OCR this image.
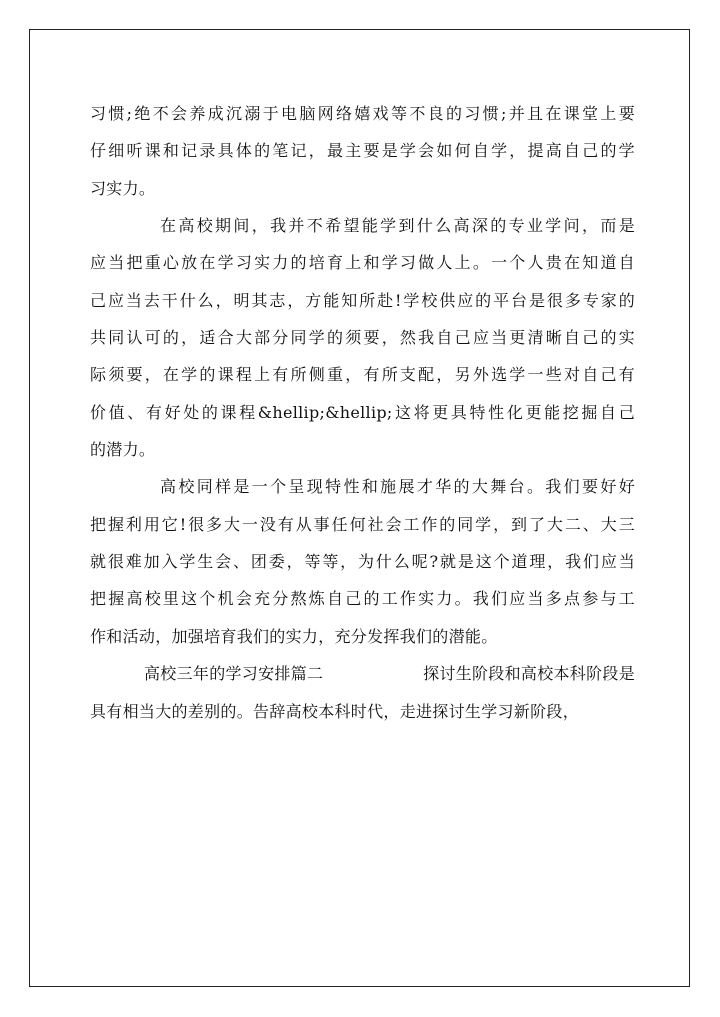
习惯;绝不会养成沉溺于电脑网络嬉戏等不良的习惯;并且在课堂上要
仔细听课和记录具体的笔记，最主要是学会如何自学，提高自己的学
习实力。
在高校期间，我并不希望能学到什么高深的专业学问，而是
应当把重心放在学习实力的培育上和学习做人上。一个人贵在知道自
己应当去干什么，明其志，方能知所赴!学校供应的平台是很多专家的
共同认可的，适合大部分同学的须要，然我自己应当更清晰自己的实
际须要，在学的课程上有所侧重，有所支配，另外选学一些对自己有
价值、有好处的课程&hellip;&hellip;这将更具特性化更能挖掘自己
的潜力。
高校同样是一个呈现特性和施展才华的大舞台。我们要好好
把握利用它!很多大一没有从事任何社会工作的同学，到了大二、大三
就很难加入学生会、团委，等等，为什么呢?就是这个道理，我们应当
把握高校里这个机会充分熬炼自己的工作实力。我们应当多点参与工
作和活动，加强培育我们的实力，充分发挥我们的潜能。
高校三年的学习安排篇二	探讨生阶段和高校本科阶段是
具有相当大的差别的。告辞高校本科时代，走进探讨生学习新阶段，
